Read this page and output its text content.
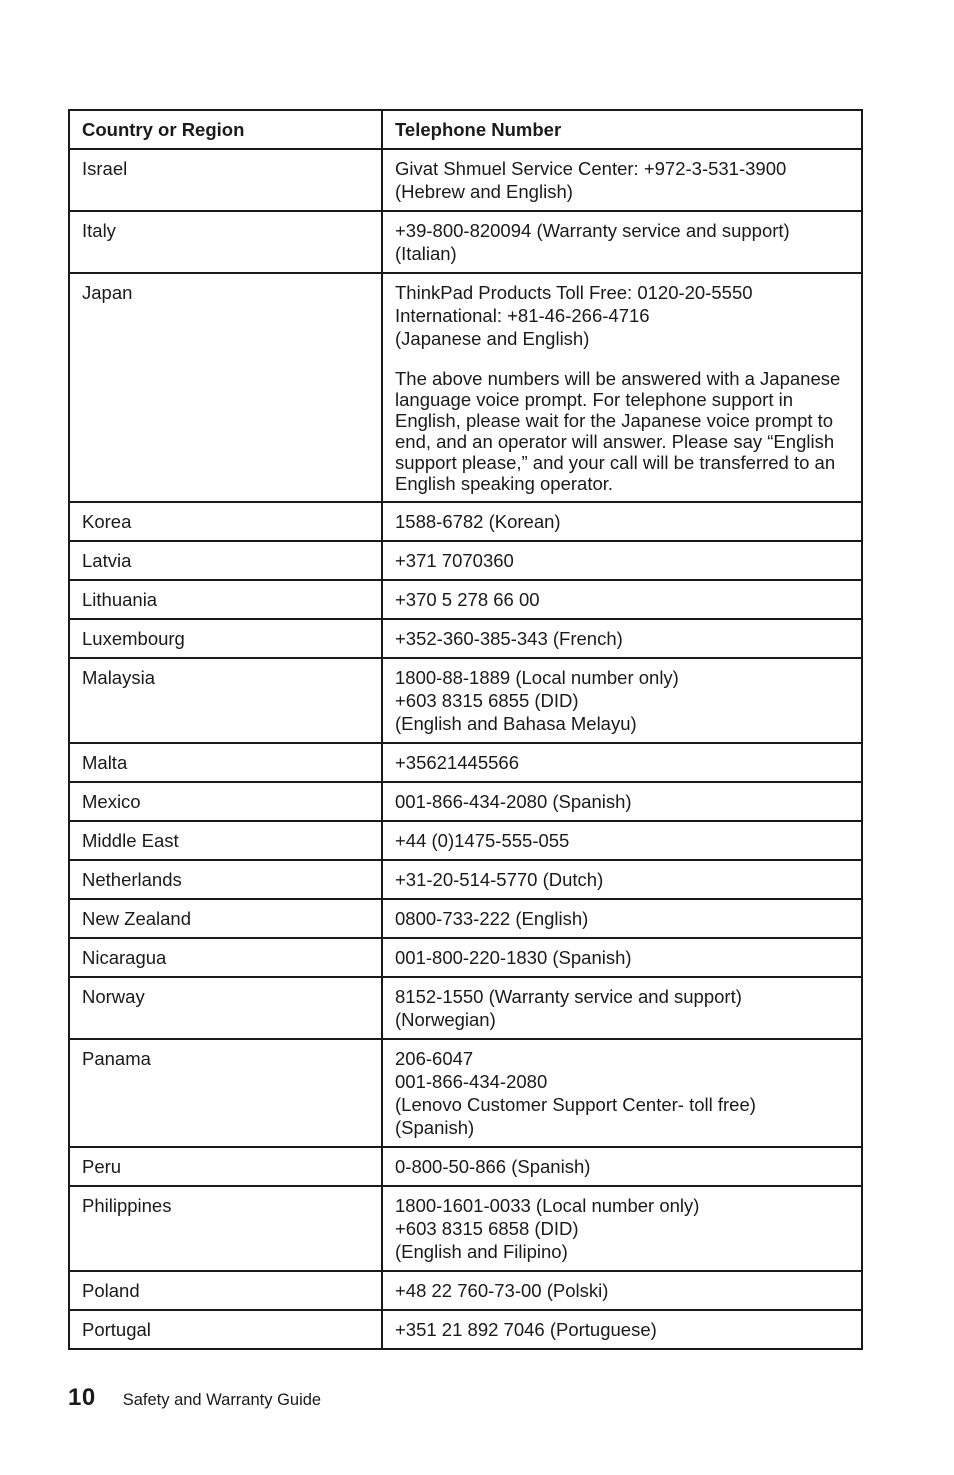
Country or Region	Telephone Number
Israel	Givat Shmuel Service Center: +972-3-531-3900
(Hebrew and English)

Italy	+39-800-820094 (Warranty service and support)
(Italian)

Japan	ThinkPad Products Toll Free: 0120-20-5550
International: +81-46-266-4716
(Japanese and English)
The above numbers will be answered with a Japanese language voice prompt. For telephone support in English, please wait for the Japanese voice prompt to end, and an operator will answer. Please say “English support please,” and your call will be transferred to an English speaking operator.

Korea	1588-6782 (Korean)

Latvia	+371 7070360

Lithuania	+370 5 278 66 00

Luxembourg	+352-360-385-343 (French)

Malaysia	1800-88-1889 (Local number only)
+603 8315 6855 (DID)
(English and Bahasa Melayu)

Malta	+35621445566

Mexico	001-866-434-2080 (Spanish)

Middle East	+44 (0)1475-555-055

Netherlands	+31-20-514-5770 (Dutch)

New Zealand	0800-733-222 (English)

Nicaragua	001-800-220-1830 (Spanish)

Norway	8152-1550 (Warranty service and support)
(Norwegian)

Panama	206-6047
001-866-434-2080
(Lenovo Customer Support Center- toll free)
(Spanish)

Peru	0-800-50-866 (Spanish)

Philippines	1800-1601-0033 (Local number only)
+603 8315 6858 (DID)
(English and Filipino)

Poland	+48 22 760-73-00 (Polski)

Portugal	+351 21 892 7046 (Portuguese)
10 Safety and Warranty Guide
